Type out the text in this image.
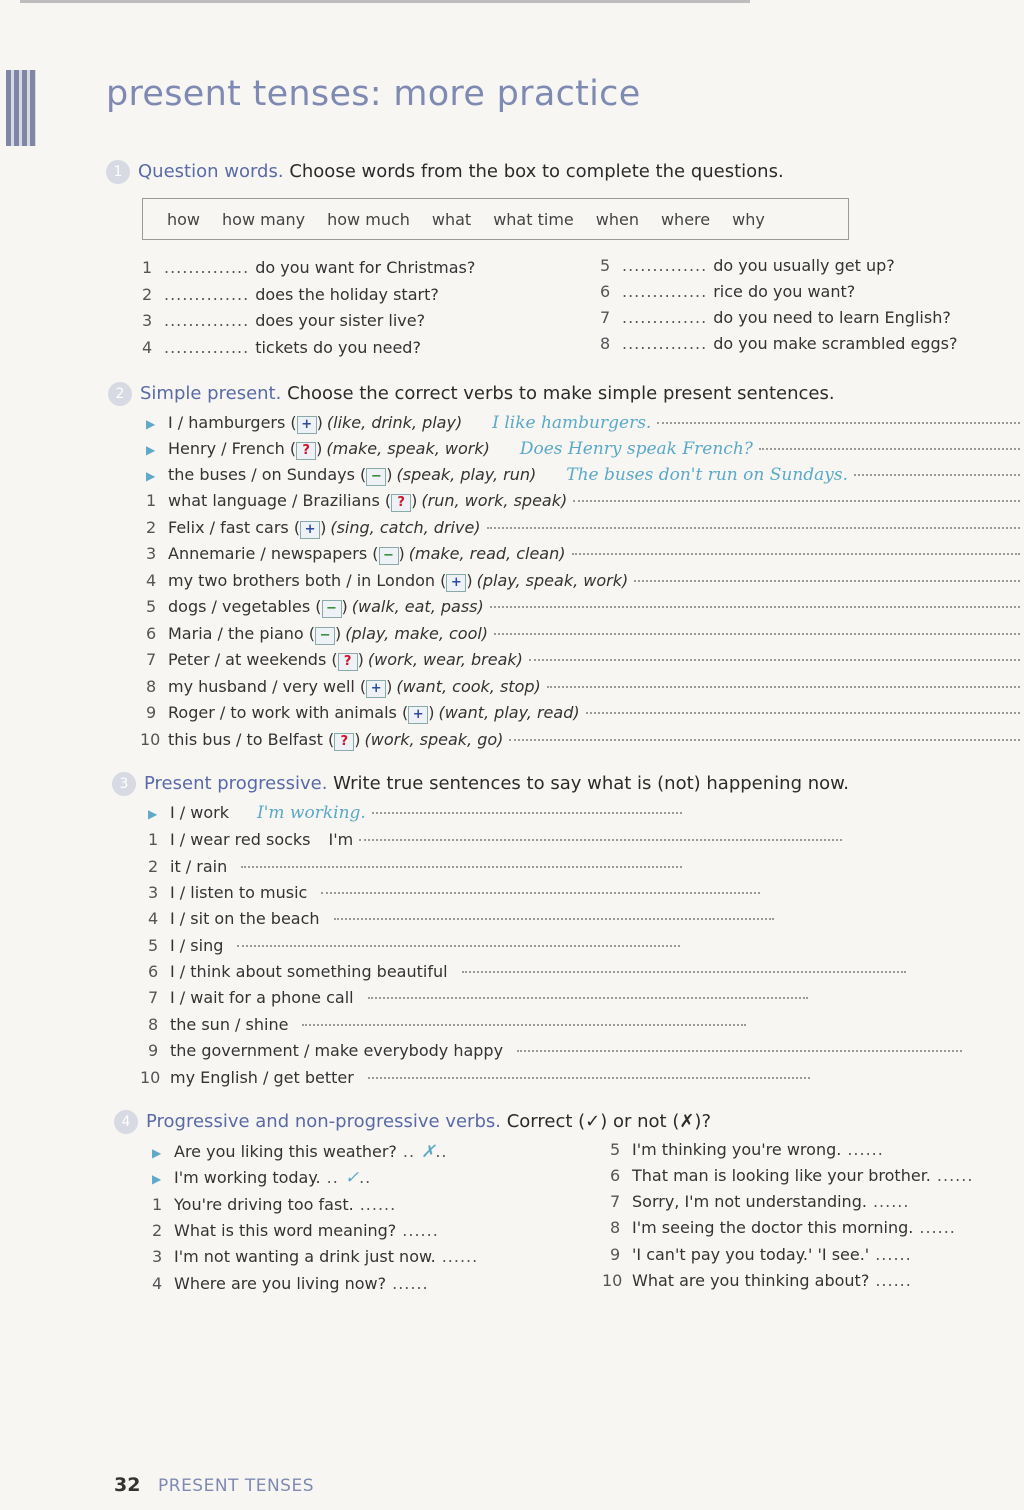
present tenses: more practice
1 Question words. Choose words from the box to complete the questions.
how how many how much what what time when where why
1 .............. do you want for Christmas?
2 .............. does the holiday start?
3 .............. does your sister live?
4 .............. tickets do you need?
5 .............. do you usually get up?
6 .............. rice do you want?
7 .............. do you need to learn English?
8 .............. do you make scrambled eggs?
2 Simple present. Choose the correct verbs to make simple present sentences.
▶ I / hamburgers ( + ) (like, drink, play) I like hamburgers.
▶ Henry / French ( ? ) (make, speak, work) Does Henry speak French?
▶ the buses / on Sundays ( − ) (speak, play, run) The buses don't run on Sundays.
1 what language / Brazilians ( ? ) (run, work, speak)
2 Felix / fast cars ( + ) (sing, catch, drive)
3 Annemarie / newspapers ( − ) (make, read, clean)
4 my two brothers both / in London ( + ) (play, speak, work)
5 dogs / vegetables ( − ) (walk, eat, pass)
6 Maria / the piano ( − ) (play, make, cool)
7 Peter / at weekends ( ? ) (work, wear, break)
8 my husband / very well ( + ) (want, cook, stop)
9 Roger / to work with animals ( + ) (want, play, read)
10 this bus / to Belfast ( ? ) (work, speak, go)
3 Present progressive. Write true sentences to say what is (not) happening now.
▶ I / work I'm working.
1 I / wear red socks I'm
2 it / rain
3 I / listen to music
4 I / sit on the beach
5 I / sing
6 I / think about something beautiful
7 I / wait for a phone call
8 the sun / shine
9 the government / make everybody happy
10 my English / get better
4 Progressive and non-progressive verbs. Correct (✓) or not (✗)?
▶ Are you liking this weather? .. ✗ ..
▶ I'm working today. .. ✓ ..
1 You're driving too fast. ......
2 What is this word meaning? ......
3 I'm not wanting a drink just now. ......
4 Where are you living now? ......
5 I'm thinking you're wrong. ......
6 That man is looking like your brother. ......
7 Sorry, I'm not understanding. ......
8 I'm seeing the doctor this morning. ......
9 'I can't pay you today.' 'I see.' ......
10 What are you thinking about? ......
32 PRESENT TENSES
